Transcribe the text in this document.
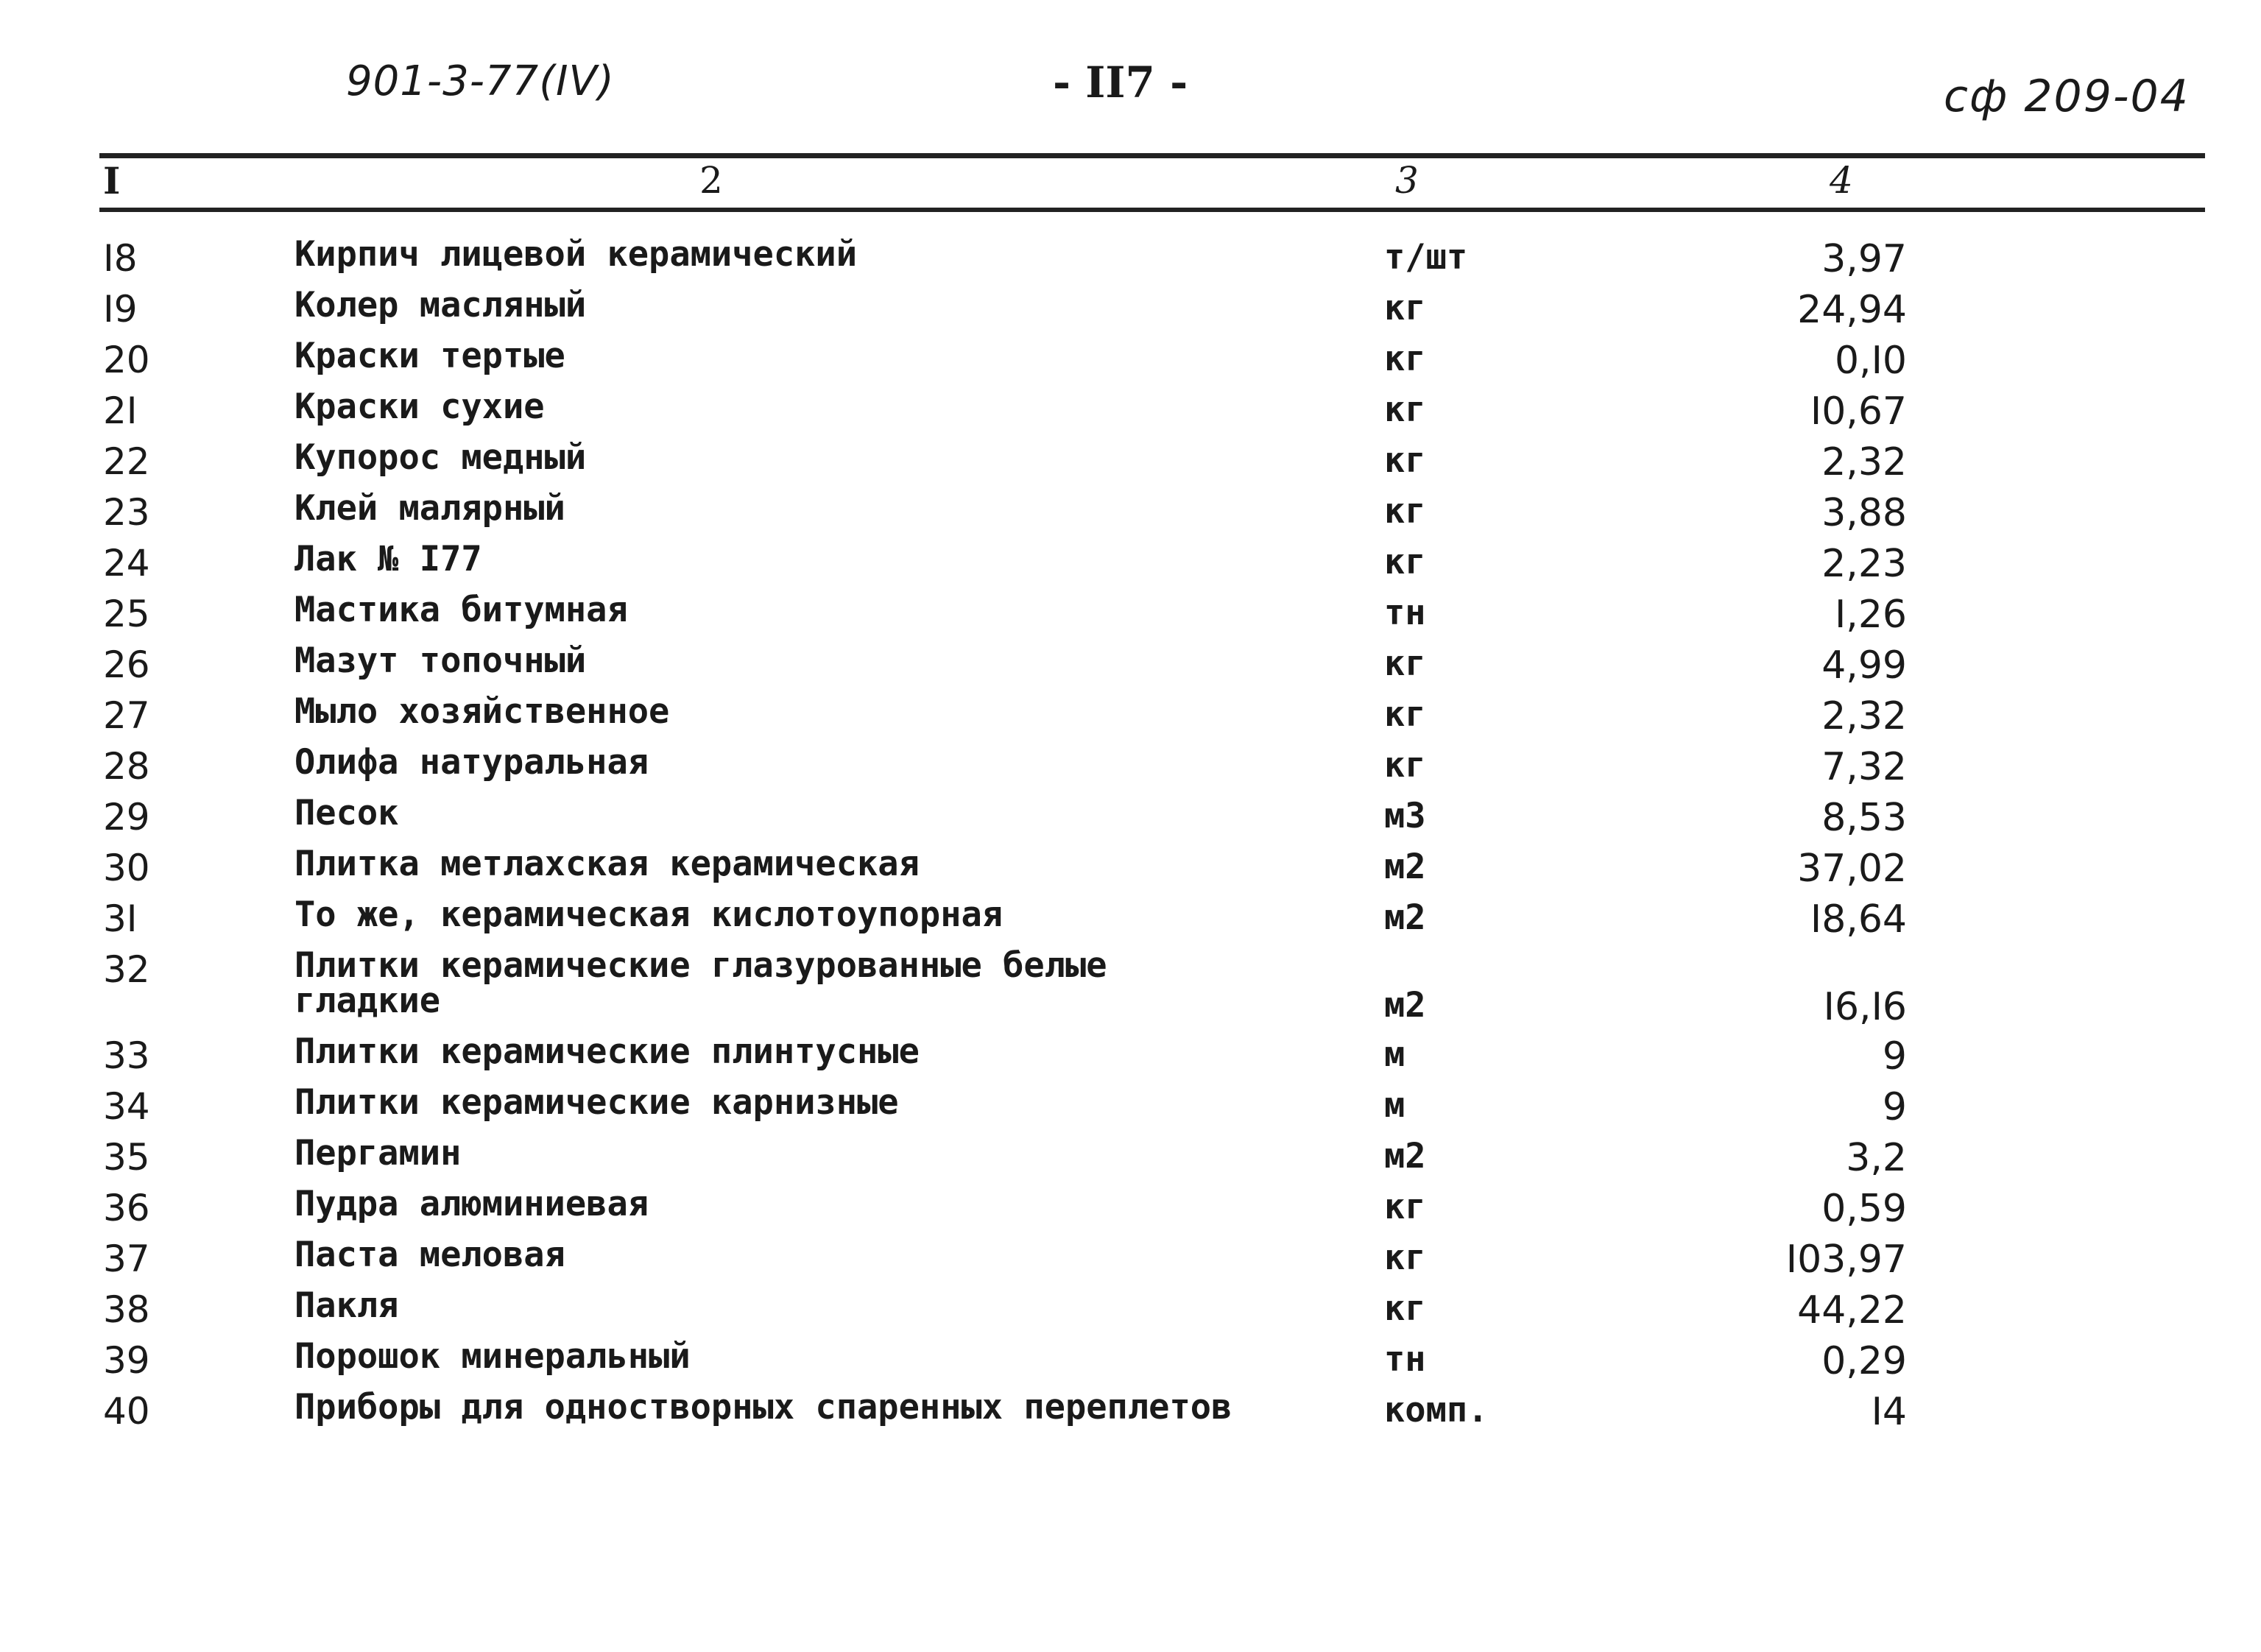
901-3-77(IV)	- II7 -	сф 209-04
I	2	3	4
I8	Кирпич лицевой керамический	т/шт	3,97
I9	Колер масляный	кг	24,94
20	Краски тертые	кг	0,I0
2I	Краски сухие	кг	I0,67
22	Купорос медный	кг	2,32
23	Клей малярный	кг	3,88
24	Лак № I77	кг	2,23
25	Мастика битумная	тн	I,26
26	Мазут топочный	кг	4,99
27	Мыло хозяйственное	кг	2,32
28	Олифа натуральная	кг	7,32
29	Песок	м3	8,53
30	Плитка метлахская керамическая	м2	37,02
3I	То же, керамическая кислотоупорная	м2	I8,64
32	Плитки керамические глазурованные белые
гладкие	м2	I6,I6
33	Плитки керамические плинтусные	м	9
34	Плитки керамические карнизные	м	9
35	Пергамин	м2	3,2
36	Пудра алюминиевая	кг	0,59
37	Паста меловая	кг	I03,97
38	Пакля	кг	44,22
39	Порошок минеральный	тн	0,29
40	Приборы для одностворных спаренных переплетов	комп.	I4
